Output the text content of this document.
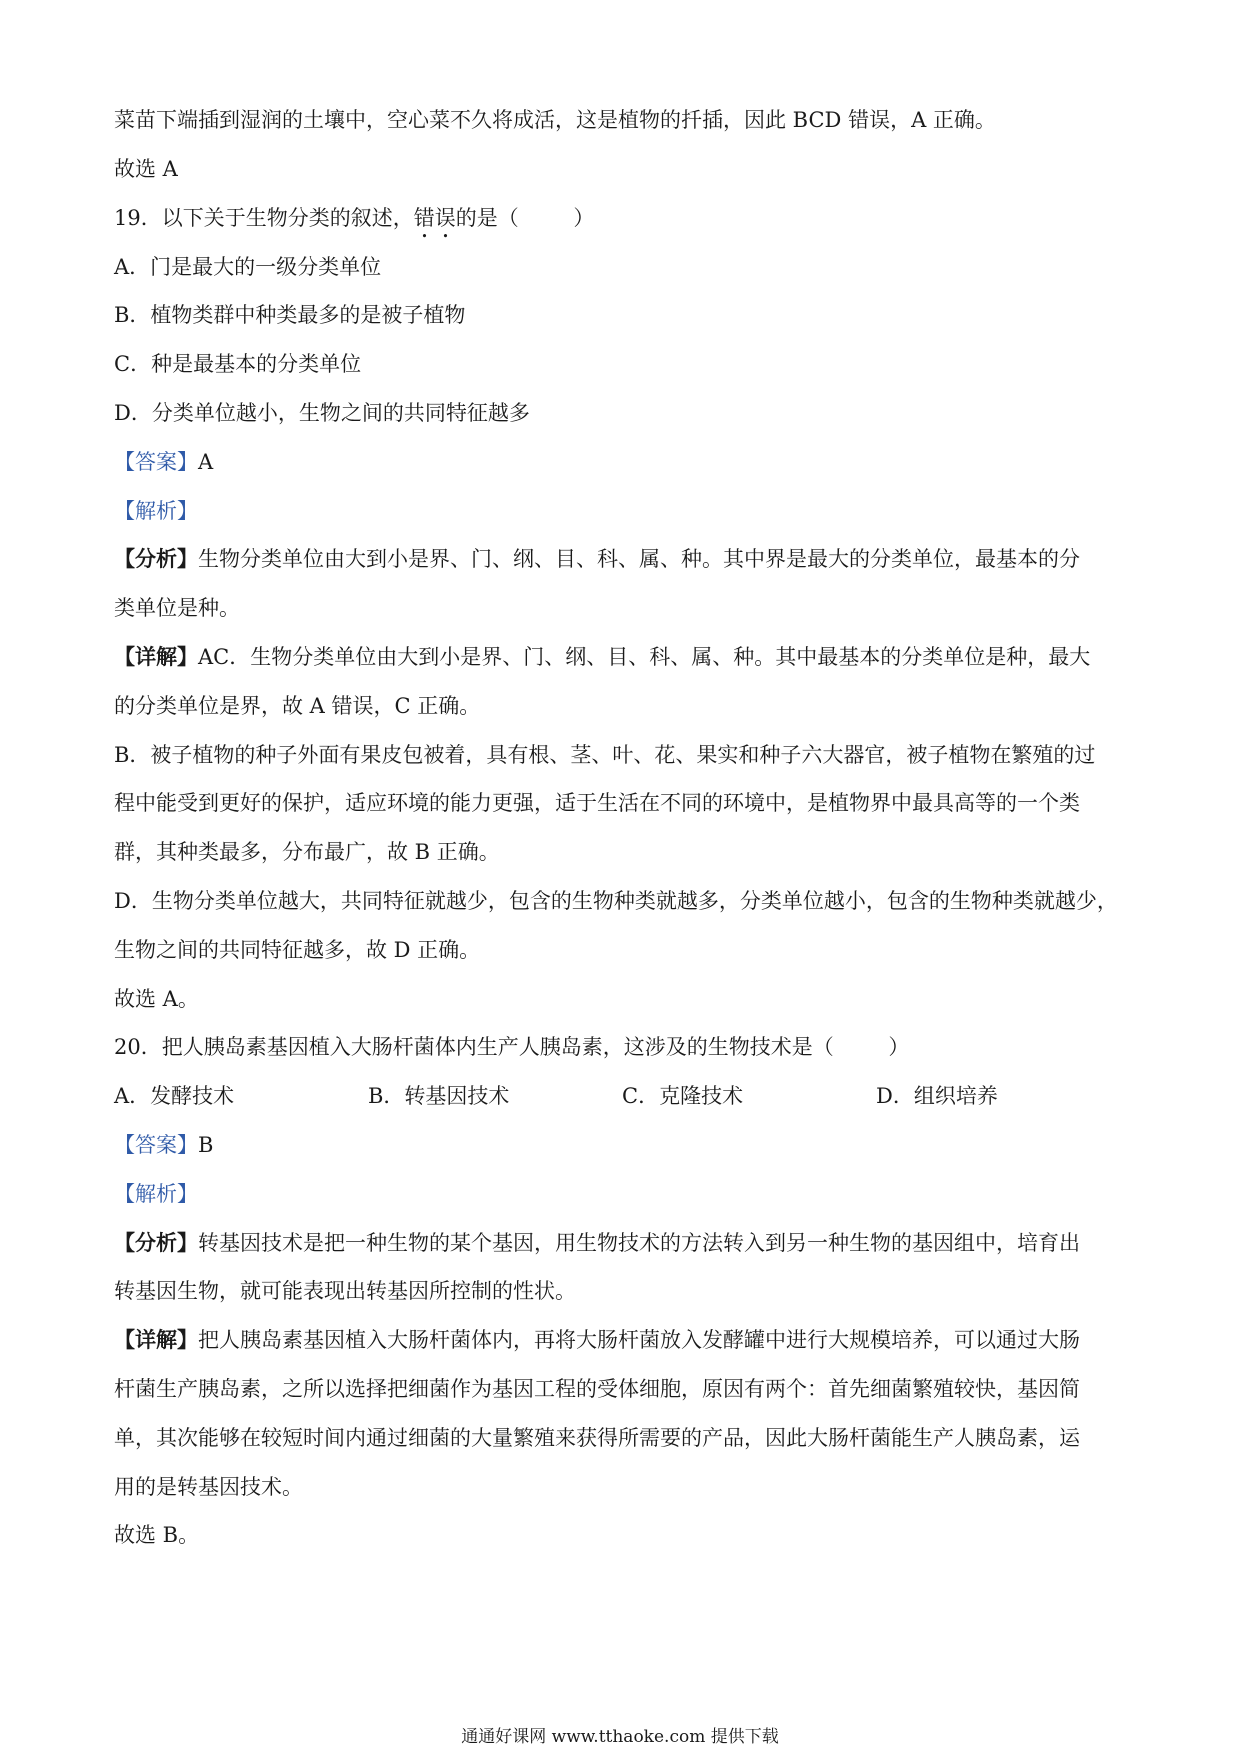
菜苗下端插到湿润的土壤中，空心菜不久将成活，这是植物的扦插，因此 BCD 错误，A 正确。

故选 A

19．以下关于生物分类的叙述，错误的是（	）

A．门是最大的一级分类单位

B．植物类群中种类最多的是被子植物

C．种是最基本的分类单位

D．分类单位越小，生物之间的共同特征越多

【答案】A

【解析】

【分析】生物分类单位由大到小是界、门、纲、目、科、属、种。其中界是最大的分类单位，最基本的分

类单位是种。

【详解】AC．生物分类单位由大到小是界、门、纲、目、科、属、种。其中最基本的分类单位是种，最大

的分类单位是界，故 A 错误，C 正确。

B．被子植物的种子外面有果皮包被着，具有根、茎、叶、花、果实和种子六大器官，被子植物在繁殖的过

程中能受到更好的保护，适应环境的能力更强，适于生活在不同的环境中，是植物界中最具高等的一个类

群，其种类最多，分布最广，故 B 正确。

D．生物分类单位越大，共同特征就越少，包含的生物种类就越多，分类单位越小，包含的生物种类就越少，

生物之间的共同特征越多，故 D 正确。

故选 A。

20．把人胰岛素基因植入大肠杆菌体内生产人胰岛素，这涉及的生物技术是（	）

A．发酵技术	B．转基因技术	C．克隆技术	D．组织培养

【答案】B

【解析】

【分析】转基因技术是把一种生物的某个基因，用生物技术的方法转入到另一种生物的基因组中，培育出

转基因生物，就可能表现出转基因所控制的性状。

【详解】把人胰岛素基因植入大肠杆菌体内，再将大肠杆菌放入发酵罐中进行大规模培养，可以通过大肠

杆菌生产胰岛素，之所以选择把细菌作为基因工程的受体细胞，原因有两个：首先细菌繁殖较快，基因简

单，其次能够在较短时间内通过细菌的大量繁殖来获得所需要的产品，因此大肠杆菌能生产人胰岛素，运

用的是转基因技术。

故选 B。

通通好课网 www.tthaoke.com 提供下载
